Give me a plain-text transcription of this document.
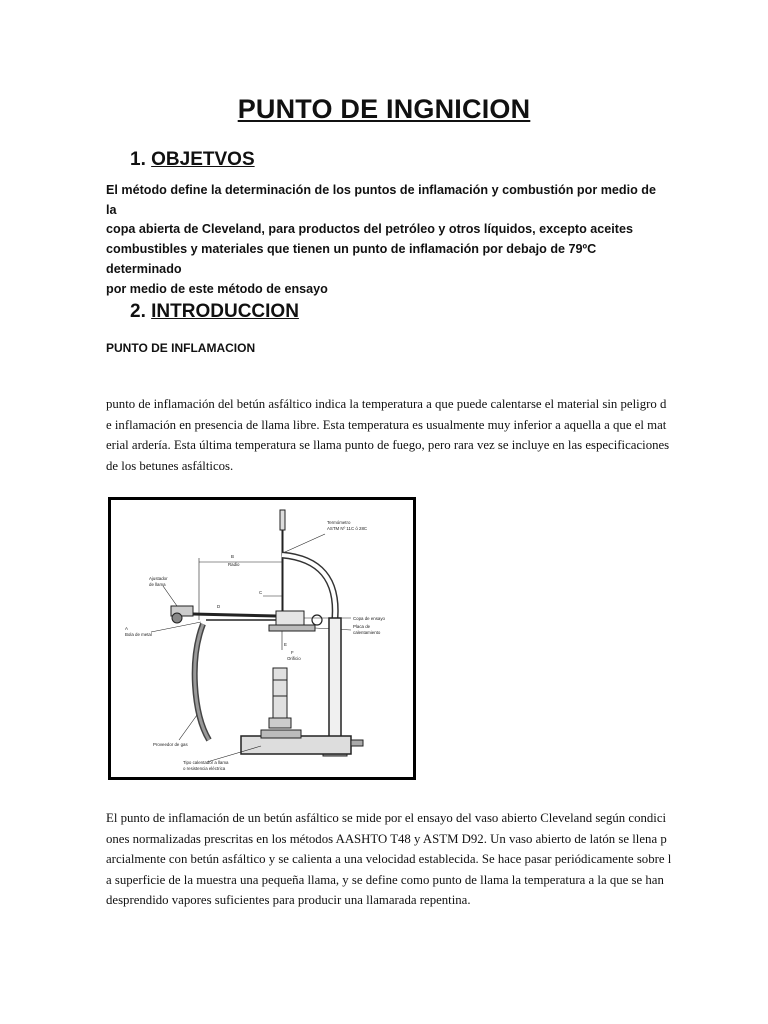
PUNTO DE INGNICION
1. OBJETVOS
El método define la determinación de los puntos de inflamación y combustión por medio de la
copa abierta de Cleveland, para productos del petróleo y otros líquidos, excepto aceites
combustibles y materiales que tienen un punto de inflamación por debajo de 79ºC determinado
por medio de este método de ensayo
2. INTRODUCCION
PUNTO DE INFLAMACION
punto de inflamación del betún asfáltico indica la temperatura a que puede calentarse el material sin peligro d
e inflamación en presencia de llama libre. Esta temperatura es usualmente muy inferior a aquella a que el mat
erial ardería. Esta última temperatura se llama punto de fuego, pero rara vez se incluye en las especificaciones
de los betunes asfálticos.
Termómetro
ASTM Nº 11C ó 28C
B
Radio
C
D
Ajustador
de llama
Copa de ensayo
Placa de
calentamiento
E
A
Bola de metal
F
Orificio
Proveedor de gas
Tipo calentador a llama
o resistencia eléctrica
El punto de inflamación de un betún asfáltico se mide por el ensayo del vaso abierto Cleveland según condici
ones normalizadas prescritas en los métodos AASHTO T48 y ASTM D92. Un vaso abierto de latón se llena p
arcialmente con betún asfáltico y se calienta a una velocidad establecida. Se hace pasar periódicamente sobre l
a superficie de la muestra una pequeña llama, y se define como punto de llama la temperatura a la que se han
desprendido vapores suficientes para producir una llamarada repentina.
